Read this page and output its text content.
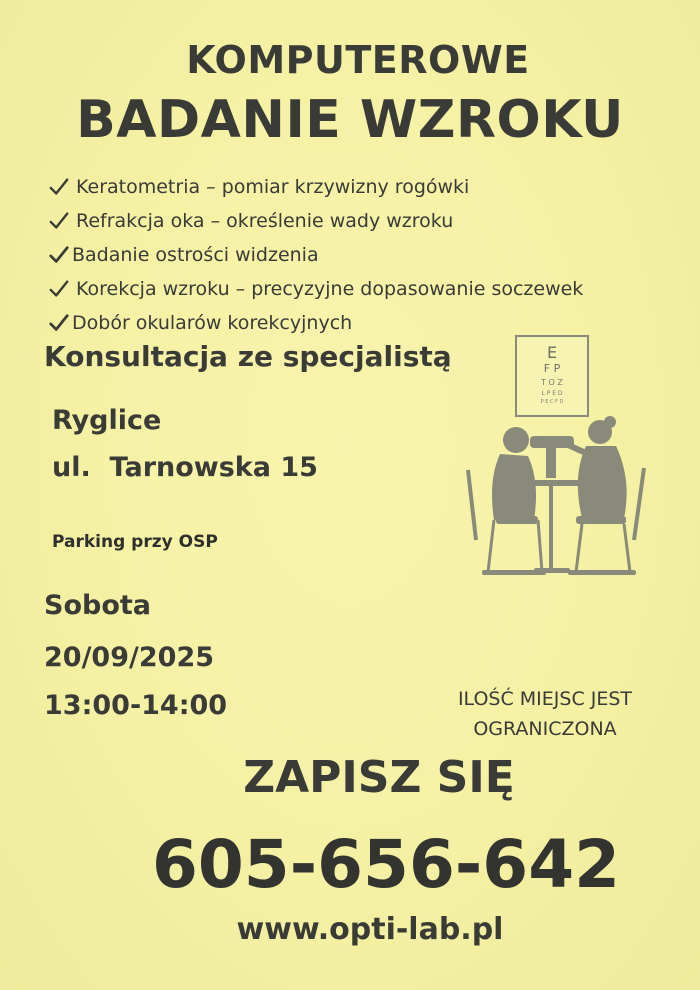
KOMPUTEROWE
BADANIE WZROKU
Keratometria – pomiar krzywizny rogówki
Refrakcja oka – określenie wady wzroku
Badanie ostrości widzenia
Korekcja wzroku – precyzyjne dopasowanie soczewek
Dobór okularów korekcyjnych
Konsultacja ze specjalistą	E
F P
T O Z
L P E D
P E C F D
Ryglice
ul.  Tarnowska 15
Parking przy OSP
Sobota
20/09/2025
13:00-14:00	ILOŚĆ MIEJSC JEST
OGRANICZONA
ZAPISZ SIĘ
605-656-642
www.opti-lab.pl
